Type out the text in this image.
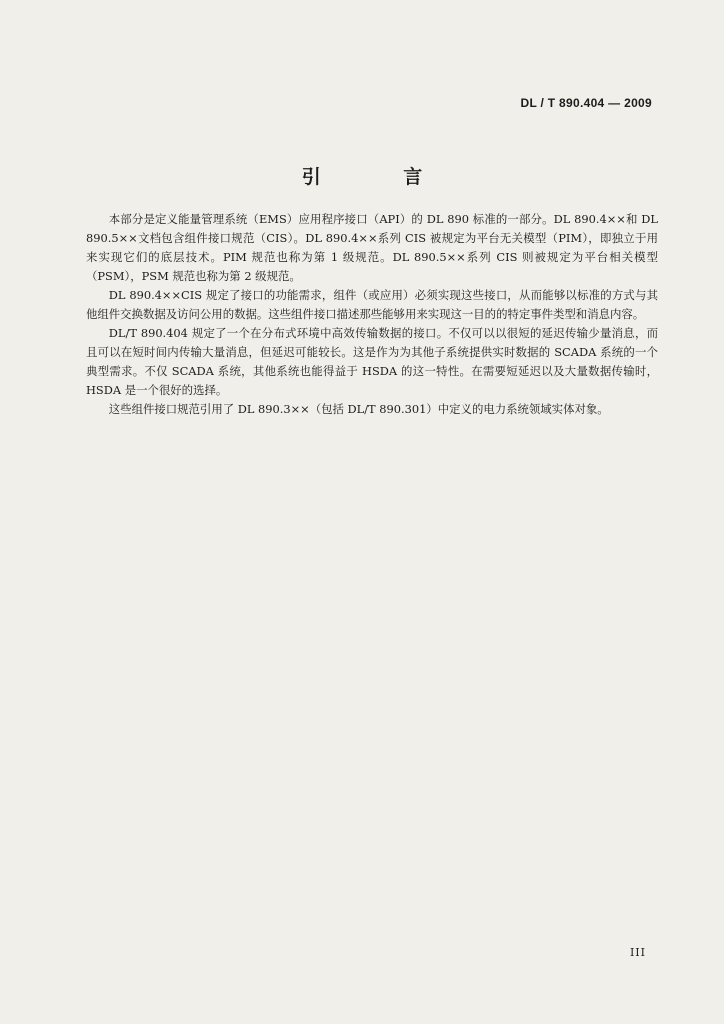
DL / T 890.404 — 2009
引 言

本部分是定义能量管理系统（EMS）应用程序接口（API）的 DL 890 标准的一部分。DL 890.4××和 DL 890.5××文档包含组件接口规范（CIS）。DL 890.4××系列 CIS 被规定为平台无关模型（PIM），即独立于用来实现它们的底层技术。PIM 规范也称为第 1 级规范。DL 890.5××系列 CIS 则被规定为平台相关模型（PSM），PSM 规范也称为第 2 级规范。

DL 890.4××CIS 规定了接口的功能需求，组件（或应用）必须实现这些接口，从而能够以标准的方式与其他组件交换数据及访问公用的数据。这些组件接口描述那些能够用来实现这一目的的特定事件类型和消息内容。

DL/T 890.404 规定了一个在分布式环境中高效传输数据的接口。不仅可以以很短的延迟传输少量消息，而且可以在短时间内传输大量消息，但延迟可能较长。这是作为为其他子系统提供实时数据的 SCADA 系统的一个典型需求。不仅 SCADA 系统，其他系统也能得益于 HSDA 的这一特性。在需要短延迟以及大量数据传输时，HSDA 是一个很好的选择。

这些组件接口规范引用了 DL 890.3××（包括 DL/T 890.301）中定义的电力系统领域实体对象。

III
